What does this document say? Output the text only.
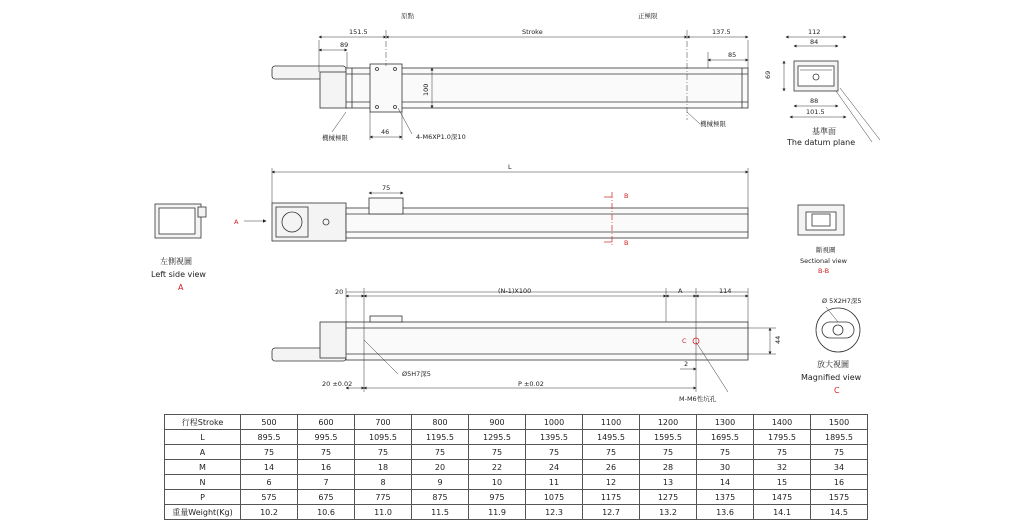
151.5
89
原點
Stroke
正極限
137.5
85
100
46
4-M6XP1.0深10
機械極限
機械極限
112
84
69
88
101.5
基準面
The datum plane
L
75
B
B
A
左側視圖
Left side view
A
斷視圖
Sectional view
B-B
20	(N-1)X100	A	114
44
2
20 ±0.02	P ±0.02
Ø5H7深5
M-M6性坑孔
C
Ø 5X2H7深5
放大視圖
Magnified view
C
行程Stroke	500	600	700	800	900	1000	1100	1200	1300	1400	1500
L	895.5	995.5	1095.5	1195.5	1295.5	1395.5	1495.5	1595.5	1695.5	1795.5	1895.5
A	75	75	75	75	75	75	75	75	75	75	75
M	14	16	18	20	22	24	26	28	30	32	34
N	6	7	8	9	10	11	12	13	14	15	16
P	575	675	775	875	975	1075	1175	1275	1375	1475	1575
重量Weight(Kg)	10.2	10.6	11.0	11.5	11.9	12.3	12.7	13.2	13.6	14.1	14.5
